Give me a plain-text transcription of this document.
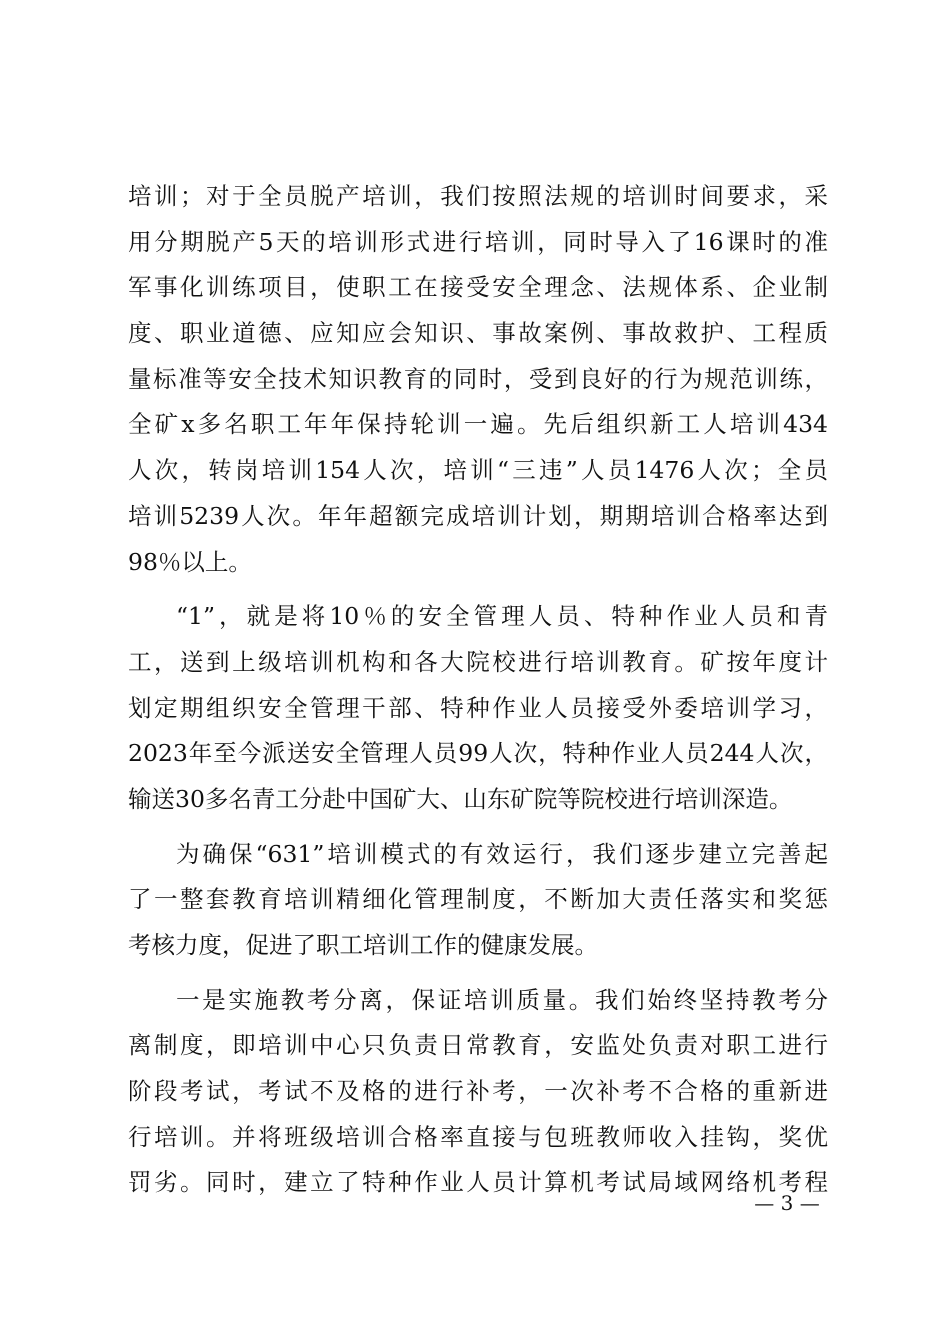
培训；对于全员脱产培训，我们按照法规的培训时间要求，采
用分期脱产5天的培训形式进行培训，同时导入了16课时的准
军事化训练项目，使职工在接受安全理念、法规体系、企业制
度、职业道德、应知应会知识、事故案例、事故救护、工程质
量标准等安全技术知识教育的同时，受到良好的行为规范训练，
全矿x多名职工年年保持轮训一遍。先后组织新工人培训434
人次，转岗培训154人次，培训“三违”人员1476人次；全员
培训5239人次。年年超额完成培训计划，期期培训合格率达到
98％以上。
“1”，就是将10％的安全管理人员、特种作业人员和青
工，送到上级培训机构和各大院校进行培训教育。矿按年度计
划定期组织安全管理干部、特种作业人员接受外委培训学习，
2023年至今派送安全管理人员99人次，特种作业人员244人次，
输送30多名青工分赴中国矿大、山东矿院等院校进行培训深造。
为确保“631”培训模式的有效运行，我们逐步建立完善起
了一整套教育培训精细化管理制度，不断加大责任落实和奖惩
考核力度，促进了职工培训工作的健康发展。
一是实施教考分离，保证培训质量。我们始终坚持教考分
离制度，即培训中心只负责日常教育，安监处负责对职工进行
阶段考试，考试不及格的进行补考，一次补考不合格的重新进
行培训。并将班级培训合格率直接与包班教师收入挂钩，奖优
罚劣。同时，建立了特种作业人员计算机考试局域网络机考程
— 3 —
